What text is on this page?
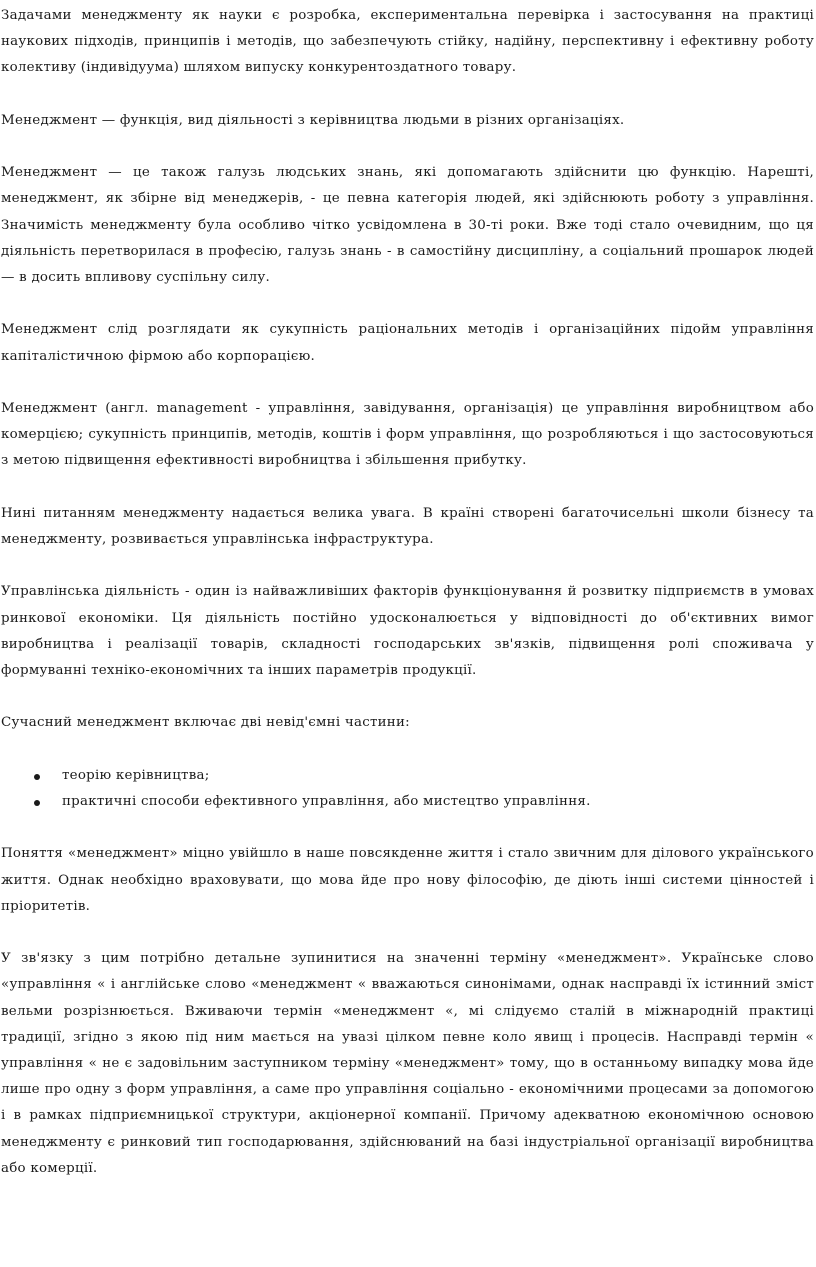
Задачами менеджменту як науки є розробка, експериментальна перевірка і застосування на практиці наукових підходів, принципів і методів, що забезпечують стійку, надійну, перспективну і ефективну роботу колективу (індивідуума) шляхом випуску конкурентоздатного товару.

Менеджмент — функція, вид діяльності з керівництва людьми в різних організаціях.

Менеджмент — це також галузь людських знань, які допомагають здійснити цю функцію. Нарешті, менеджмент, як збірне від менеджерів, - це певна категорія людей, які здійснюють роботу з управління. Значимість менеджменту була особливо чітко усвідомлена в 30-ті роки. Вже тоді стало очевидним, що ця діяльність перетворилася в професію, галузь знань - в самостійну дисципліну, а соціальний прошарок людей — в досить впливову суспільну силу.

Менеджмент слід розглядати як сукупність раціональних методів і організаційних підойм управління капіталістичною фірмою або корпорацією.

Менеджмент (англ. management - управління, завідування, організація) це управління виробництвом або комерцією; сукупність принципів, методів, коштів і форм управління, що розробляються і що застосовуються з метою підвищення ефективності виробництва і збільшення прибутку.

Нині питанням менеджменту надається велика увага. В країні створені багаточисельні школи бізнесу та менеджменту, розвивається управлінська інфраструктура.

Управлінська діяльність - один із найважливіших факторів функціонування й розвитку підприємств в умовах ринкової економіки. Ця діяльність постійно удосконалюється у відповідності до об'єктивних вимог виробництва і реалізації товарів, складності господарських зв'язків, підвищення ролі споживача у формуванні техніко-економічних та інших параметрів продукції.

Сучасний менеджмент включає дві невід'ємні частини:

теорію керівництва;
практичні способи ефективного управління, або мистецтво управління.

Поняття «менеджмент» міцно увійшло в наше повсякденне життя і стало звичним для ділового українського життя. Однак необхідно враховувати, що мова йде про нову філософію, де діють інші системи цінностей і пріоритетів.

У зв'язку з цим потрібно детальне зупинитися на значенні терміну «менеджмент». Українське слово «управління « і англійське слово «менеджмент « вважаються синонімами, однак насправді їх істинний зміст вельми розрізнюється. Вживаючи термін «менеджмент «, мі слідуємо сталій в міжнародній практиці традиції, згідно з якою під ним мається на увазі цілком певне коло явищ і процесів. Насправді термін « управління « не є задовільним заступником терміну «менеджмент» тому, що в останньому випадку мова йде лише про одну з форм управління, а саме про управління соціально - економічними процесами за допомогою і в рамках підприємницької структури, акціонерної компанії. Причому адекватною економічною основою менеджменту є ринковий тип господарювання, здійснюваний на базі індустріальної організації виробництва або комерції.
